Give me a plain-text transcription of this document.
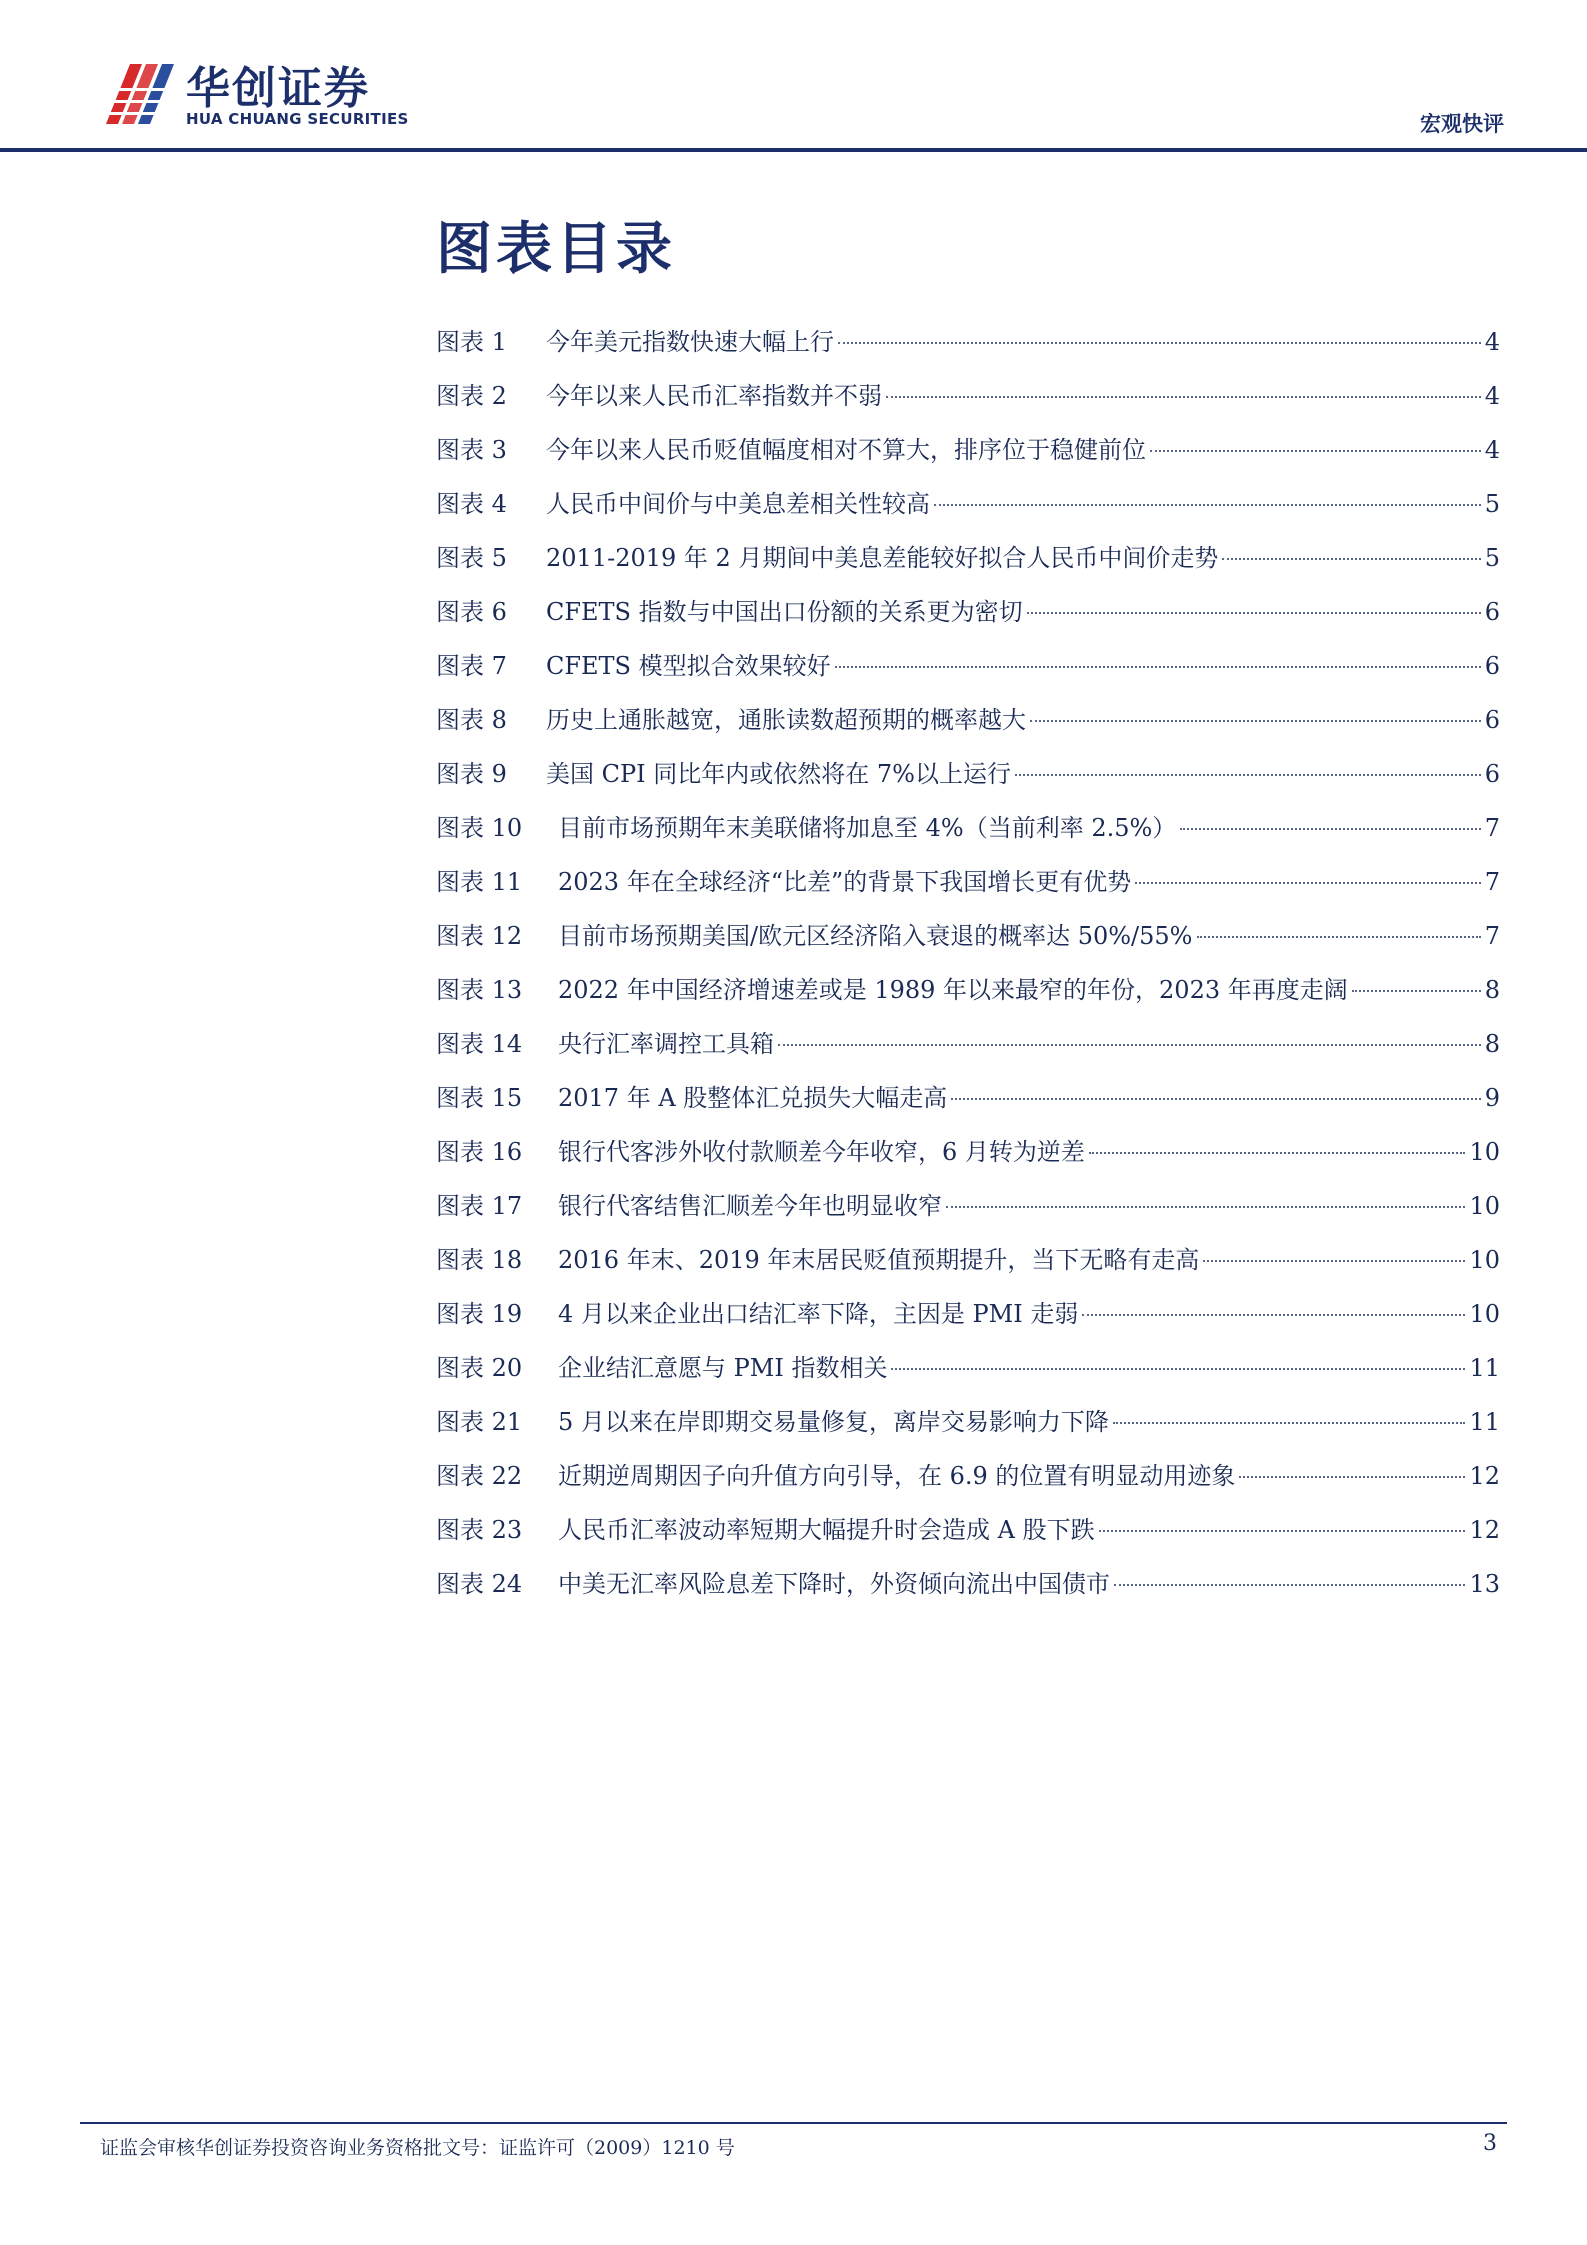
华创证券
HUA CHUANG SECURITIES	宏观快评
图表目录
图表 1	今年美元指数快速大幅上行	4
图表 2	今年以来人民币汇率指数并不弱	4
图表 3	今年以来人民币贬值幅度相对不算大，排序位于稳健前位	4
图表 4	人民币中间价与中美息差相关性较高	5
图表 5	2011-2019 年 2 月期间中美息差能较好拟合人民币中间价走势	5
图表 6	CFETS 指数与中国出口份额的关系更为密切	6
图表 7	CFETS 模型拟合效果较好	6
图表 8	历史上通胀越宽，通胀读数超预期的概率越大	6
图表 9	美国 CPI 同比年内或依然将在 7%以上运行	6
图表 10	目前市场预期年末美联储将加息至 4%（当前利率 2.5%）	7
图表 11	2023 年在全球经济“比差”的背景下我国增长更有优势	7
图表 12	目前市场预期美国/欧元区经济陷入衰退的概率达 50%/55%	7
图表 13	2022 年中国经济增速差或是 1989 年以来最窄的年份，2023 年再度走阔	8
图表 14	央行汇率调控工具箱	8
图表 15	2017 年 A 股整体汇兑损失大幅走高	9
图表 16	银行代客涉外收付款顺差今年收窄，6 月转为逆差	10
图表 17	银行代客结售汇顺差今年也明显收窄	10
图表 18	2016 年末、2019 年末居民贬值预期提升，当下无略有走高	10
图表 19	4 月以来企业出口结汇率下降，主因是 PMI 走弱	10
图表 20	企业结汇意愿与 PMI 指数相关	11
图表 21	5 月以来在岸即期交易量修复，离岸交易影响力下降	11
图表 22	近期逆周期因子向升值方向引导，在 6.9 的位置有明显动用迹象	12
图表 23	人民币汇率波动率短期大幅提升时会造成 A 股下跌	12
图表 24	中美无汇率风险息差下降时，外资倾向流出中国债市	13
证监会审核华创证券投资咨询业务资格批文号：证监许可（2009）1210 号	3
